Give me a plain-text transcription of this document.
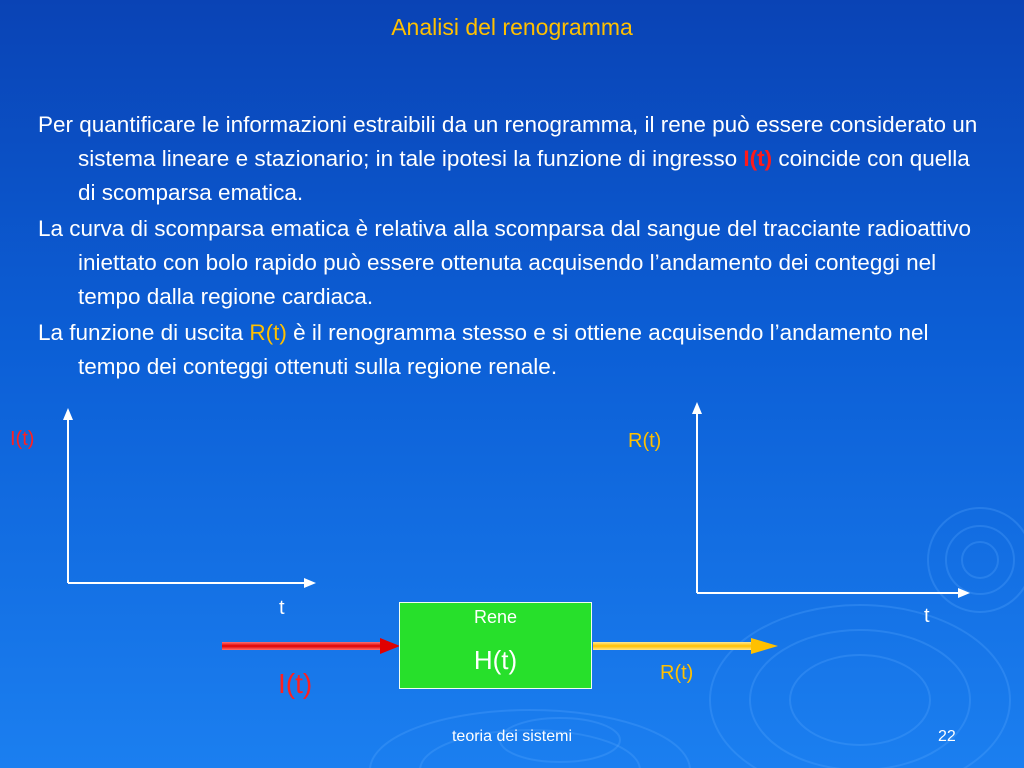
Analisi del renogramma

Per quantificare le informazioni estraibili da un renogramma, il rene può essere considerato un sistema lineare e stazionario; in tale ipotesi la funzione di ingresso I(t) coincide con quella di scomparsa ematica.

La curva di scomparsa ematica è relativa alla scomparsa dal sangue del tracciante radioattivo iniettato con bolo rapido può essere ottenuta acquisendo l’andamento dei conteggi nel tempo dalla regione cardiaca.

La funzione di uscita R(t) è il renogramma stesso e si ottiene acquisendo l’andamento nel tempo dei conteggi ottenuti sulla regione renale.

I(t)
t
R(t)
t
Rene
H(t)
I(t)	R(t)
teoria dei sistemi	22
